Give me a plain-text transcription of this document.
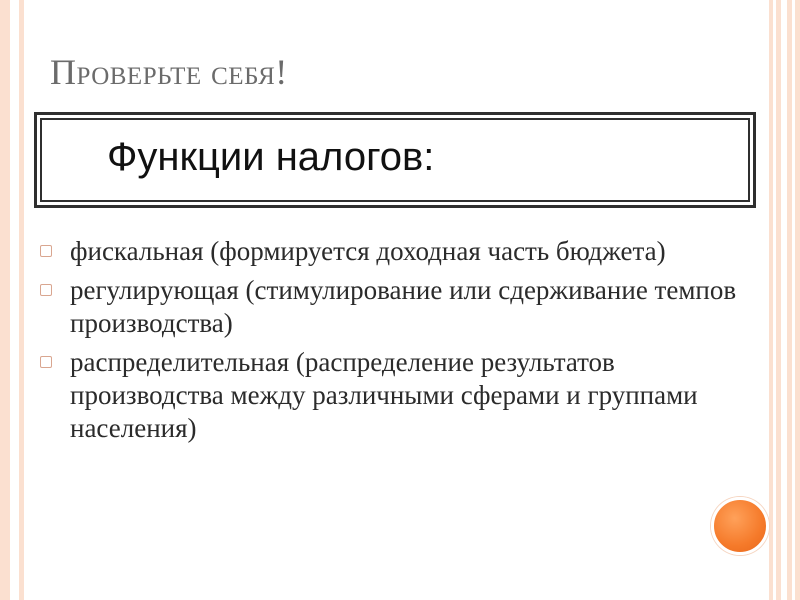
Проверьте себя!
Функции налогов:
фискальная (формируется доходная часть бюджета)
регулирующая (стимулирование или сдерживание темпов производства)
распределительная (распределение результатов производства между различными сферами и группами населения)
